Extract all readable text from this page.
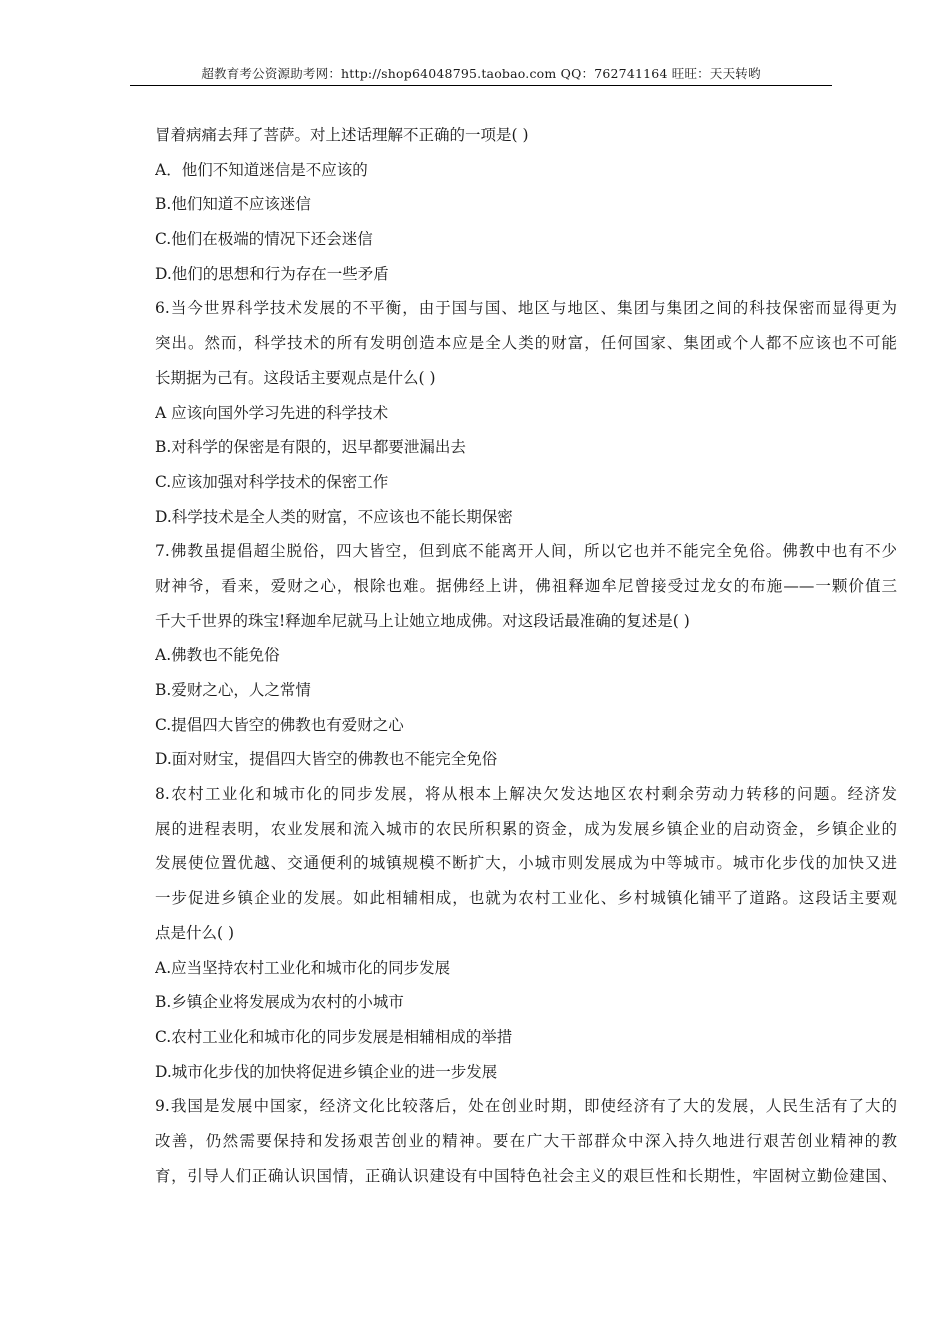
超教育考公资源助考网：http://shop64048795.taobao.com QQ：762741164 旺旺：天天转哟
冒着病痛去拜了菩萨。对上述话理解不正确的一项是( )
A．他们不知道迷信是不应该的
B.他们知道不应该迷信
C.他们在极端的情况下还会迷信
D.他们的思想和行为存在一些矛盾
6.当今世界科学技术发展的不平衡，由于国与国、地区与地区、集团与集团之间的科技保密而显得更为
突出。然而，科学技术的所有发明创造本应是全人类的财富，任何国家、集团或个人都不应该也不可能
长期据为己有。这段话主要观点是什么( )
A 应该向国外学习先进的科学技术
B.对科学的保密是有限的，迟早都要泄漏出去
C.应该加强对科学技术的保密工作
D.科学技术是全人类的财富，不应该也不能长期保密
7.佛教虽提倡超尘脱俗，四大皆空，但到底不能离开人间，所以它也并不能完全免俗。佛教中也有不少
财神爷，看来，爱财之心，根除也难。据佛经上讲，佛祖释迦牟尼曾接受过龙女的布施——一颗价值三
千大千世界的珠宝!释迦牟尼就马上让她立地成佛。对这段话最准确的复述是( )
A.佛教也不能免俗
B.爱财之心，人之常情
C.提倡四大皆空的佛教也有爱财之心
D.面对财宝，提倡四大皆空的佛教也不能完全免俗
8.农村工业化和城市化的同步发展，将从根本上解决欠发达地区农村剩余劳动力转移的问题。经济发
展的进程表明，农业发展和流入城市的农民所积累的资金，成为发展乡镇企业的启动资金，乡镇企业的
发展使位置优越、交通便利的城镇规模不断扩大，小城市则发展成为中等城市。城市化步伐的加快又进
一步促进乡镇企业的发展。如此相辅相成，也就为农村工业化、乡村城镇化铺平了道路。这段话主要观
点是什么( )
A.应当坚持农村工业化和城市化的同步发展
B.乡镇企业将发展成为农村的小城市
C.农村工业化和城市化的同步发展是相辅相成的举措
D.城市化步伐的加快将促进乡镇企业的进一步发展
9.我国是发展中国家，经济文化比较落后，处在创业时期，即使经济有了大的发展，人民生活有了大的
改善，仍然需要保持和发扬艰苦创业的精神。要在广大干部群众中深入持久地进行艰苦创业精神的教
育，引导人们正确认识国情，正确认识建设有中国特色社会主义的艰巨性和长期性，牢固树立勤俭建国、
